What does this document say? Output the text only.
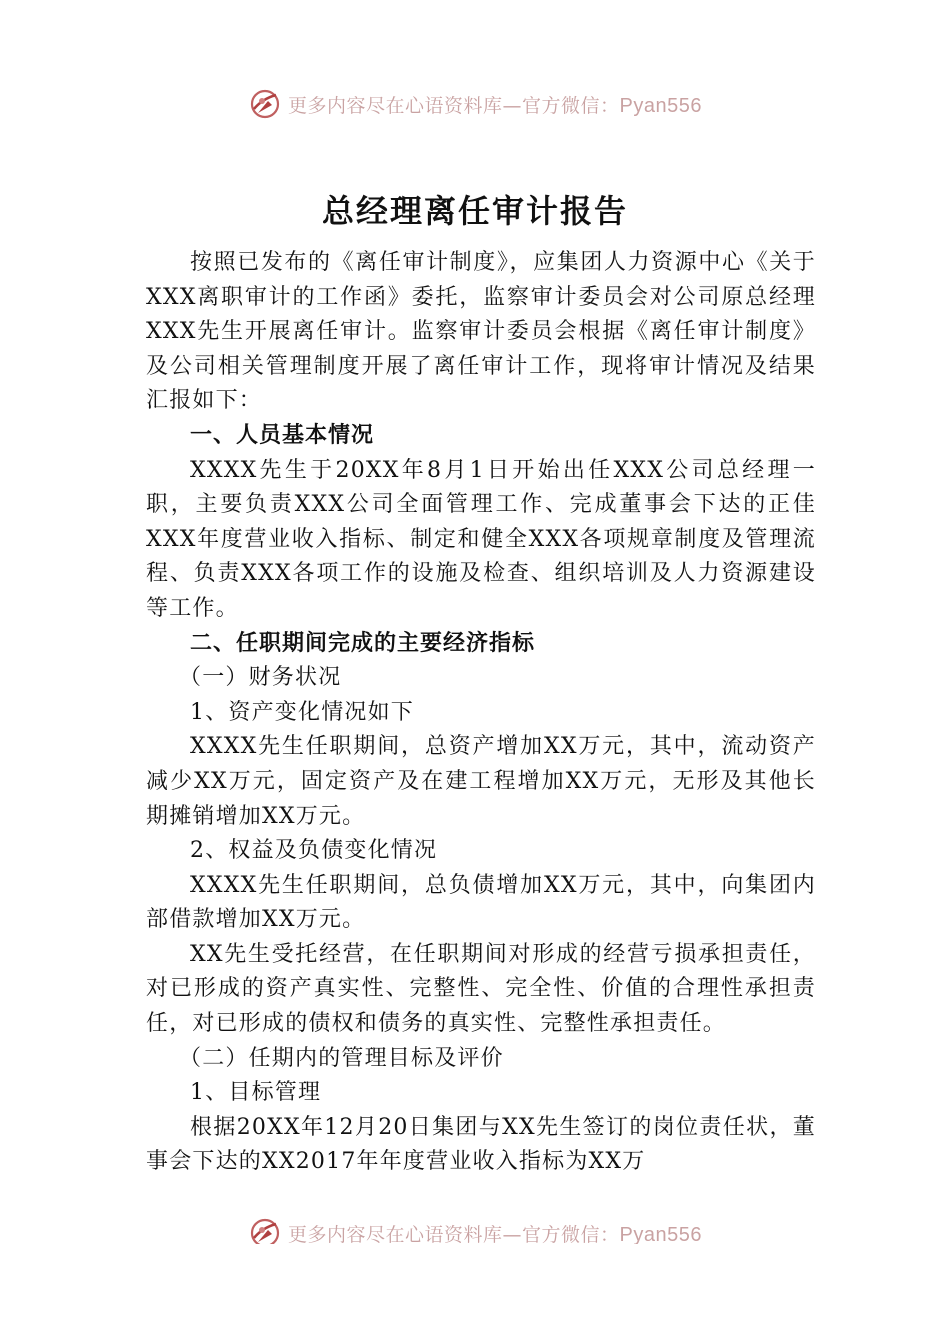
更多内容尽在心语资料库—官方微信：Pyan556
总经理离任审计报告

按照已发布的《离任审计制度》，应集团人力资源中心《关于XXX离职审计的工作函》委托，监察审计委员会对公司原总经理XXX先生开展离任审计。监察审计委员会根据《离任审计制度》及公司相关管理制度开展了离任审计工作，现将审计情况及结果汇报如下：

一、人员基本情况

XXXX先生于20XX年8月1日开始出任XXX公司总经理一职，主要负责XXX公司全面管理工作、完成董事会下达的正佳XXX年度营业收入指标、制定和健全XXX各项规章制度及管理流程、负责XXX各项工作的设施及检查、组织培训及人力资源建设等工作。

二、任职期间完成的主要经济指标

（一）财务状况

1、资产变化情况如下

XXXX先生任职期间，总资产增加XX万元，其中，流动资产减少XX万元，固定资产及在建工程增加XX万元，无形及其他长期摊销增加XX万元。

2、权益及负债变化情况

XXXX先生任职期间，总负债增加XX万元，其中，向集团内部借款增加XX万元。

XX先生受托经营，在任职期间对形成的经营亏损承担责任，对已形成的资产真实性、完整性、完全性、价值的合理性承担责任，对已形成的债权和债务的真实性、完整性承担责任。

（二）任期内的管理目标及评价

1、目标管理

根据20XX年12月20日集团与XX先生签订的岗位责任状，董事会下达的XX2017年年度营业收入指标为XX万

更多内容尽在心语资料库—官方微信：Pyan556
